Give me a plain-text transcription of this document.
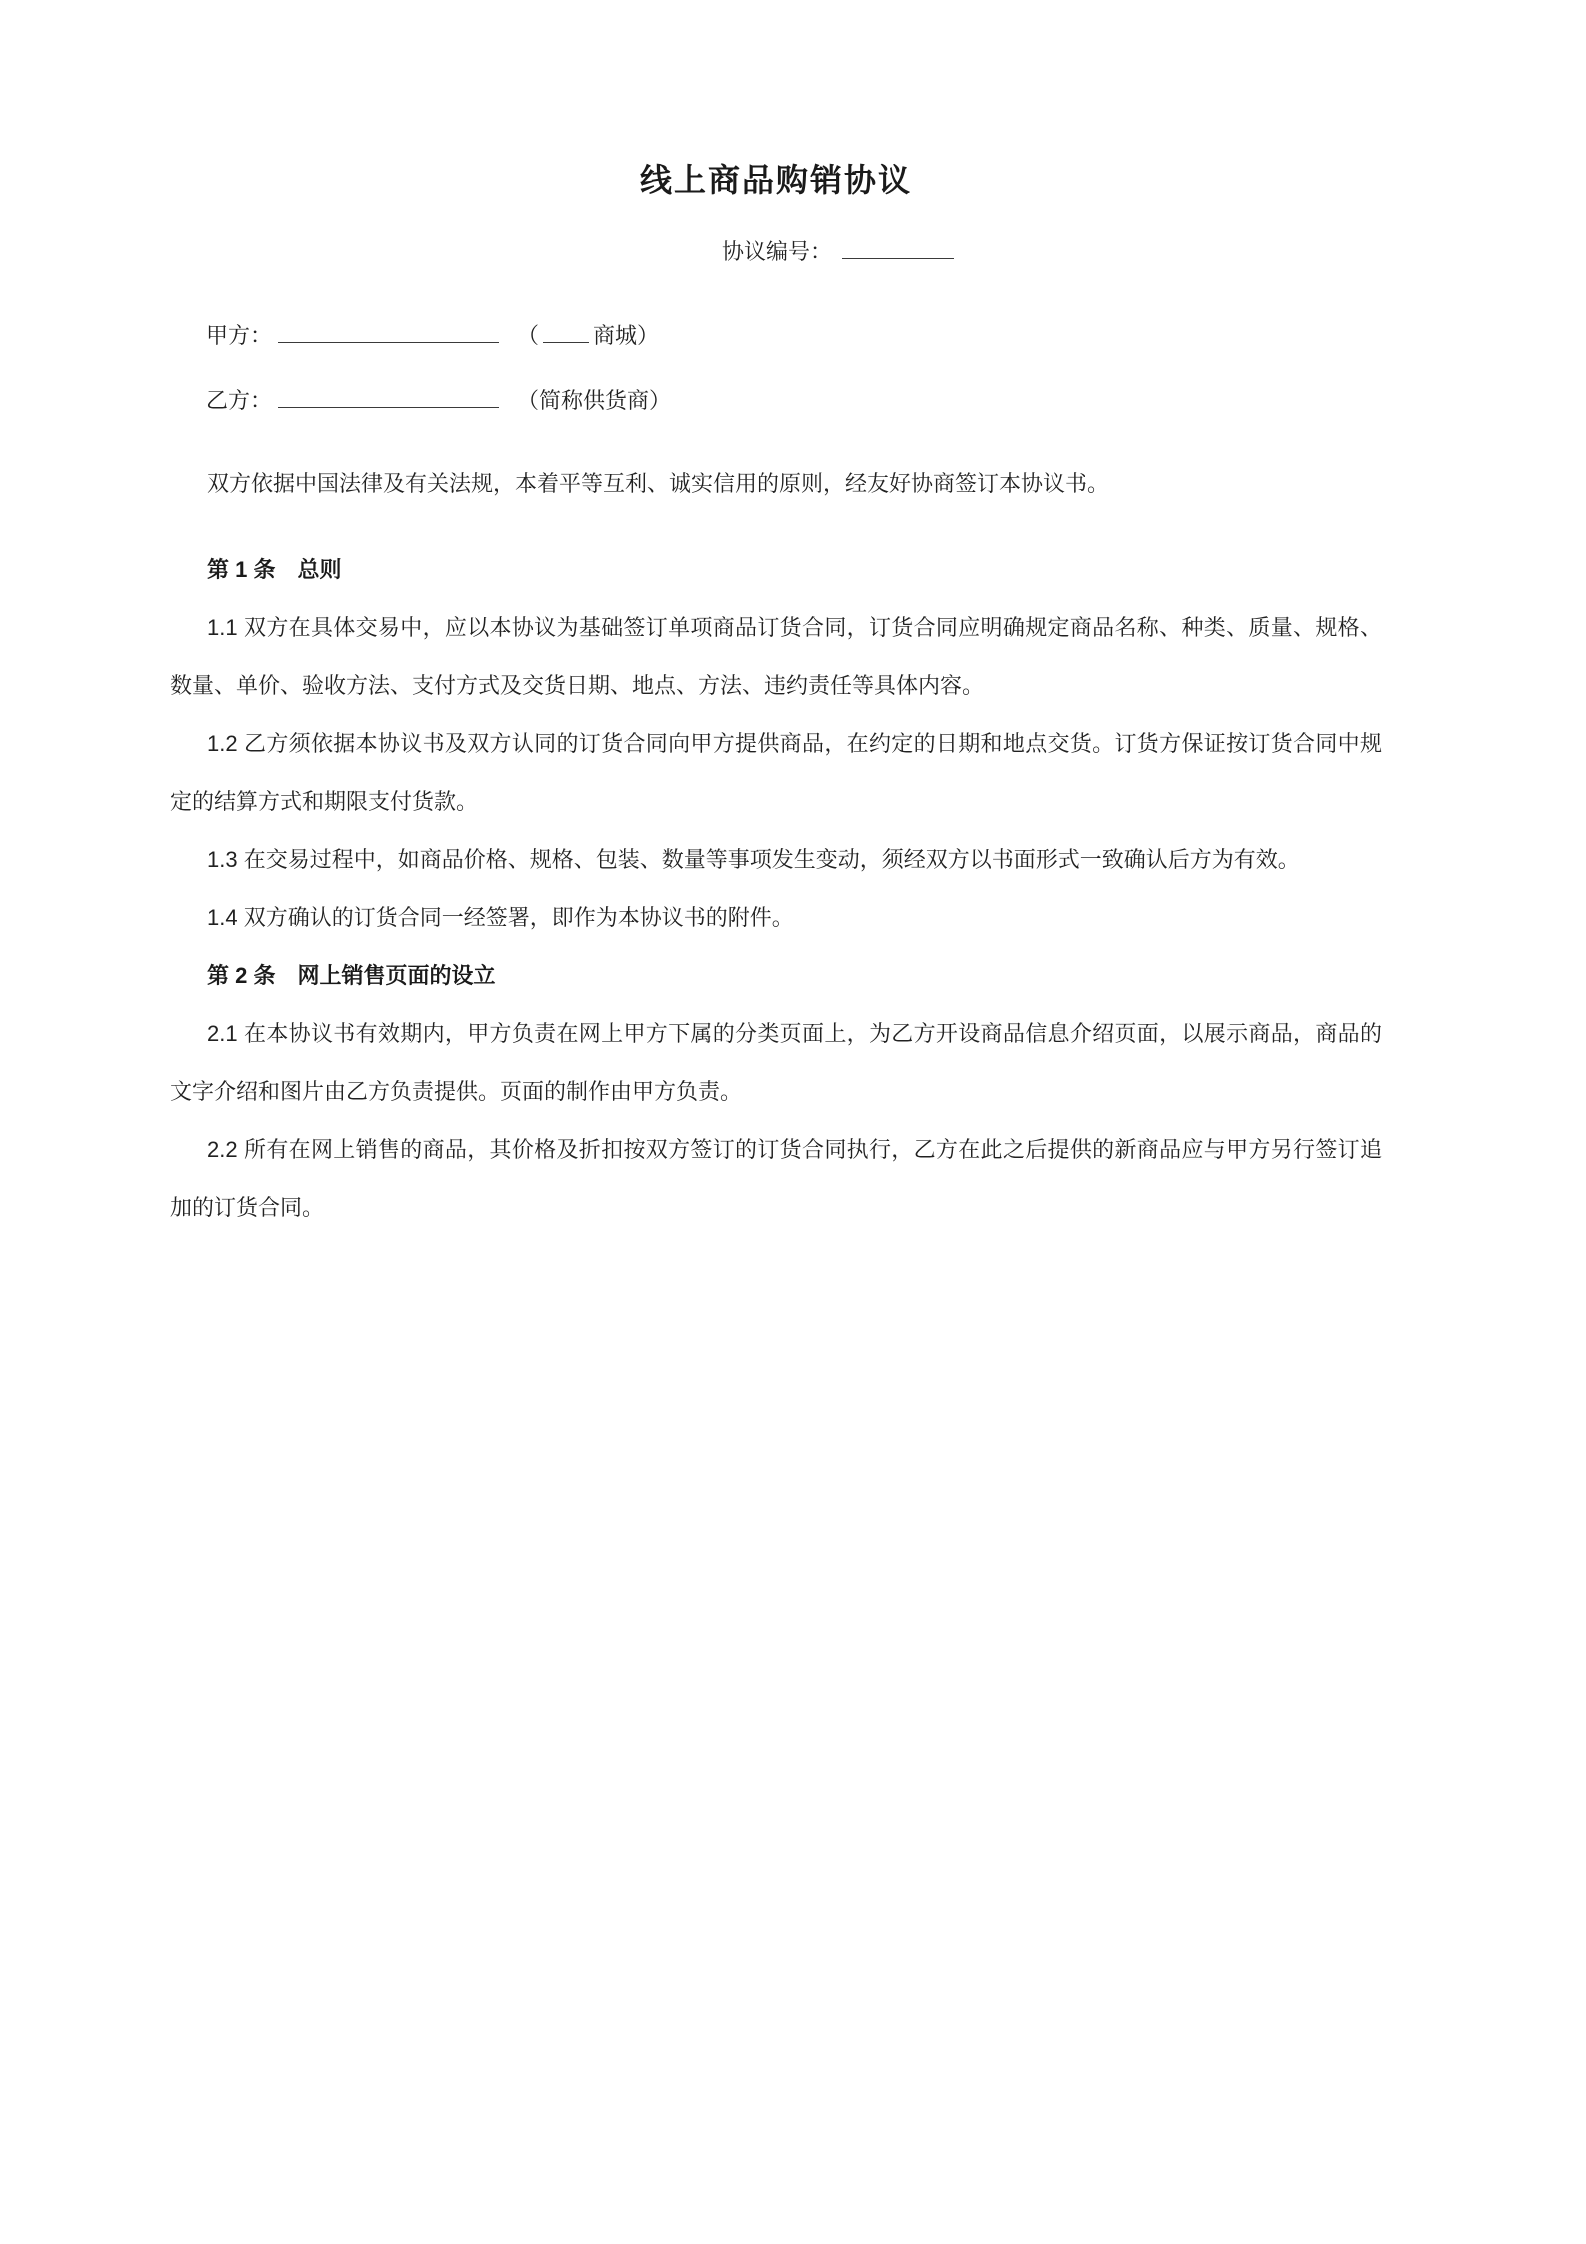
线上商品购销协议
协议编号：
甲方：	（ 商城）
乙方：	（简称供货商）

双方依据中国法律及有关法规，本着平等互利、诚实信用的原则，经友好协商签订本协议书。

第 1 条　总则

1.1 双方在具体交易中，应以本协议为基础签订单项商品订货合同，订货合同应明确规定商品名称、种类、质量、规格、数量、单价、验收方法、支付方式及交货日期、地点、方法、违约责任等具体内容。

1.2 乙方须依据本协议书及双方认同的订货合同向甲方提供商品，在约定的日期和地点交货。订货方保证按订货合同中规定的结算方式和期限支付货款。

1.3 在交易过程中，如商品价格、规格、包装、数量等事项发生变动，须经双方以书面形式一致确认后方为有效。

1.4 双方确认的订货合同一经签署，即作为本协议书的附件。

第 2 条　网上销售页面的设立

2.1 在本协议书有效期内，甲方负责在网上甲方下属的分类页面上，为乙方开设商品信息介绍页面，以展示商品，商品的文字介绍和图片由乙方负责提供。页面的制作由甲方负责。

2.2 所有在网上销售的商品，其价格及折扣按双方签订的订货合同执行，乙方在此之后提供的新商品应与甲方另行签订追加的订货合同。
